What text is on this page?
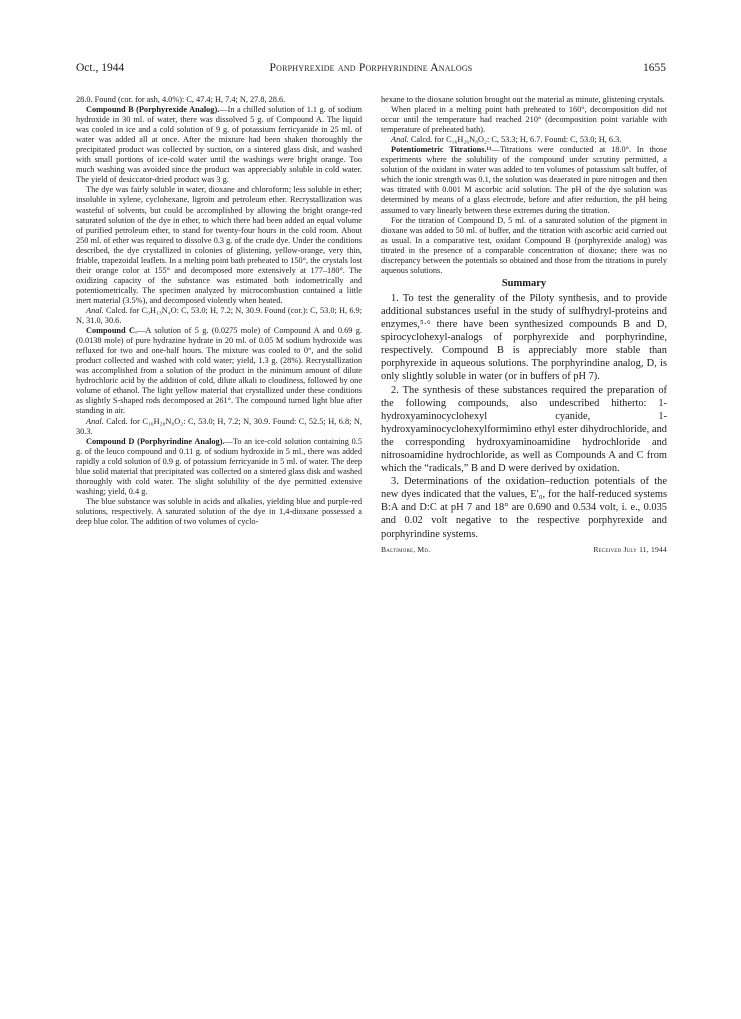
Oct., 1944	Porphyrexide and Porphyrindine Analogs	1655

28.0. Found (cor. for ash, 4.0%): C, 47.4; H, 7.4; N, 27.8, 28.6.

Compound B (Porphyrexide Analog).—In a chilled solution of 1.1 g. of sodium hydroxide in 30 ml. of water, there was dissolved 5 g. of Compound A. The liquid was cooled in ice and a cold solution of 9 g. of potassium ferricyanide in 25 ml. of water was added all at once. After the mixture had been shaken thoroughly the precipitated product was collected by suction, on a sintered glass disk, and washed with small portions of ice-cold water until the washings were bright orange. Too much washing was avoided since the product was appreciably soluble in cold water. The yield of desiccator-dried product was 3 g.

The dye was fairly soluble in water, dioxane and chloroform; less soluble in ether; insoluble in xylene, cyclohexane, ligroin and petroleum ether. Recrystallization was wasteful of solvents, but could be accomplished by allowing the bright orange-red saturated solution of the dye in ether, to which there had been added an equal volume of purified petroleum ether, to stand for twenty-four hours in the cold room. About 250 ml. of ether was required to dissolve 0.3 g. of the crude dye. Under the conditions described, the dye crystallized in colonies of glistening, yellow-orange, very thin, friable, trapezoidal leaflets. In a melting point bath preheated to 150°, the crystals lost their orange color at 155° and decomposed more extensively at 177–180°. The oxidizing capacity of the substance was estimated both iodometrically and potentiometrically. The specimen analyzed by microcombustion contained a little inert material (3.5%), and decomposed violently when heated.

Anal. Calcd. for C₉H₁₃N₄O: C, 53.0; H, 7.2; N, 30.9. Found (cor.): C, 53.0; H, 6.9; N, 31.0, 30.6.

Compound C.—A solution of 5 g. (0.0275 mole) of Compound A and 0.69 g. (0.0138 mole) of pure hydrazine hydrate in 20 ml. of 0.05 M sodium hydroxide was refluxed for two and one-half hours. The mixture was cooled to 0°, and the solid product collected and washed with cold water; yield, 1.3 g. (28%). Recrystallization was accomplished from a solution of the product in the minimum amount of dilute hydrochloric acid by the addition of cold, dilute alkali to cloudiness, followed by one volume of ethanol. The light yellow material that crystallized under these conditions as slightly S-shaped rods decomposed at 261°. The compound turned light blue after standing in air.

Anal. Calcd. for C₁₆H₂₈N₈O₂: C, 53.0; H, 7.2; N, 30.9. Found: C, 52.5; H, 6.8; N, 30.3.

Compound D (Porphyrindine Analog).—To an ice-cold solution containing 0.5 g. of the leuco compound and 0.11 g. of sodium hydroxide in 5 ml., there was added rapidly a cold solution of 0.9 g. of potassium ferricyanide in 5 ml. of water. The deep blue solid material that precipitated was collected on a sintered glass disk and washed thoroughly with cold water. The slight solubility of the dye permitted extensive washing; yield, 0.4 g.

The blue substance was soluble in acids and alkalies, yielding blue and purple-red solutions, respectively. A saturated solution of the dye in 1,4-dioxane possessed a deep blue color. The addition of two volumes of cyclo-

hexane to the dioxane solution brought out the material as minute, glistening crystals.

When placed in a melting point bath preheated to 160°, decomposition did not occur until the temperature had reached 210° (decomposition point variable with temperature of preheated bath).

Anal. Calcd. for C₁₆H₂₆N₈O₂: C, 53.3; H, 6.7. Found: C, 53.0; H, 6.3.

Potentiometric Titrations.¹¹—Titrations were conducted at 18.0°. In those experiments where the solubility of the compound under scrutiny permitted, a solution of the oxidant in water was added to ten volumes of potassium salt buffer, of which the ionic strength was 0.1, the solution was deaerated in pure nitrogen and then was titrated with 0.001 M ascorbic acid solution. The pH of the dye solution was determined by means of a glass electrode, before and after reduction, the pH being assumed to vary linearly between these extremes during the titration.

For the titration of Compound D, 5 ml. of a saturated solution of the pigment in dioxane was added to 50 ml. of buffer, and the titration with ascorbic acid carried out as usual. In a comparative test, oxidant Compound B (porphyrexide analog) was titrated in the presence of a comparable concentration of dioxane; there was no discrepancy between the potentials so obtained and those from the titrations in purely aqueous solutions.

Summary

1. To test the generality of the Piloty synthesis, and to provide additional substances useful in the study of sulfhydryl-proteins and enzymes,⁵·⁶ there have been synthesized compounds B and D, spirocyclohexyl-analogs of porphyrexide and porphyrindine, respectively. Compound B is appreciably more stable than porphyrexide in aqueous solutions. The porphyrindine analog, D, is only slightly soluble in water (or in buffers of pH 7).

2. The synthesis of these substances required the preparation of the following compounds, also undescribed hitherto: 1-hydroxyaminocyclohexyl cyanide, 1-hydroxyaminocyclohexylformimino ethyl ester dihydrochloride, and the corresponding hydroxyaminoamidine hydrochloride and nitrosoamidine hydrochloride, as well as Compounds A and C from which the “radicals,” B and D were derived by oxidation.

3. Determinations of the oxidation–reduction potentials of the new dyes indicated that the values, E′₀, for the half-reduced systems B:A and D:C at pH 7 and 18° are 0.690 and 0.534 volt, i. e., 0.035 and 0.02 volt negative to the respective porphyrexide and porphyrindine systems.

Baltimore, Md.	Received July 11, 1944
